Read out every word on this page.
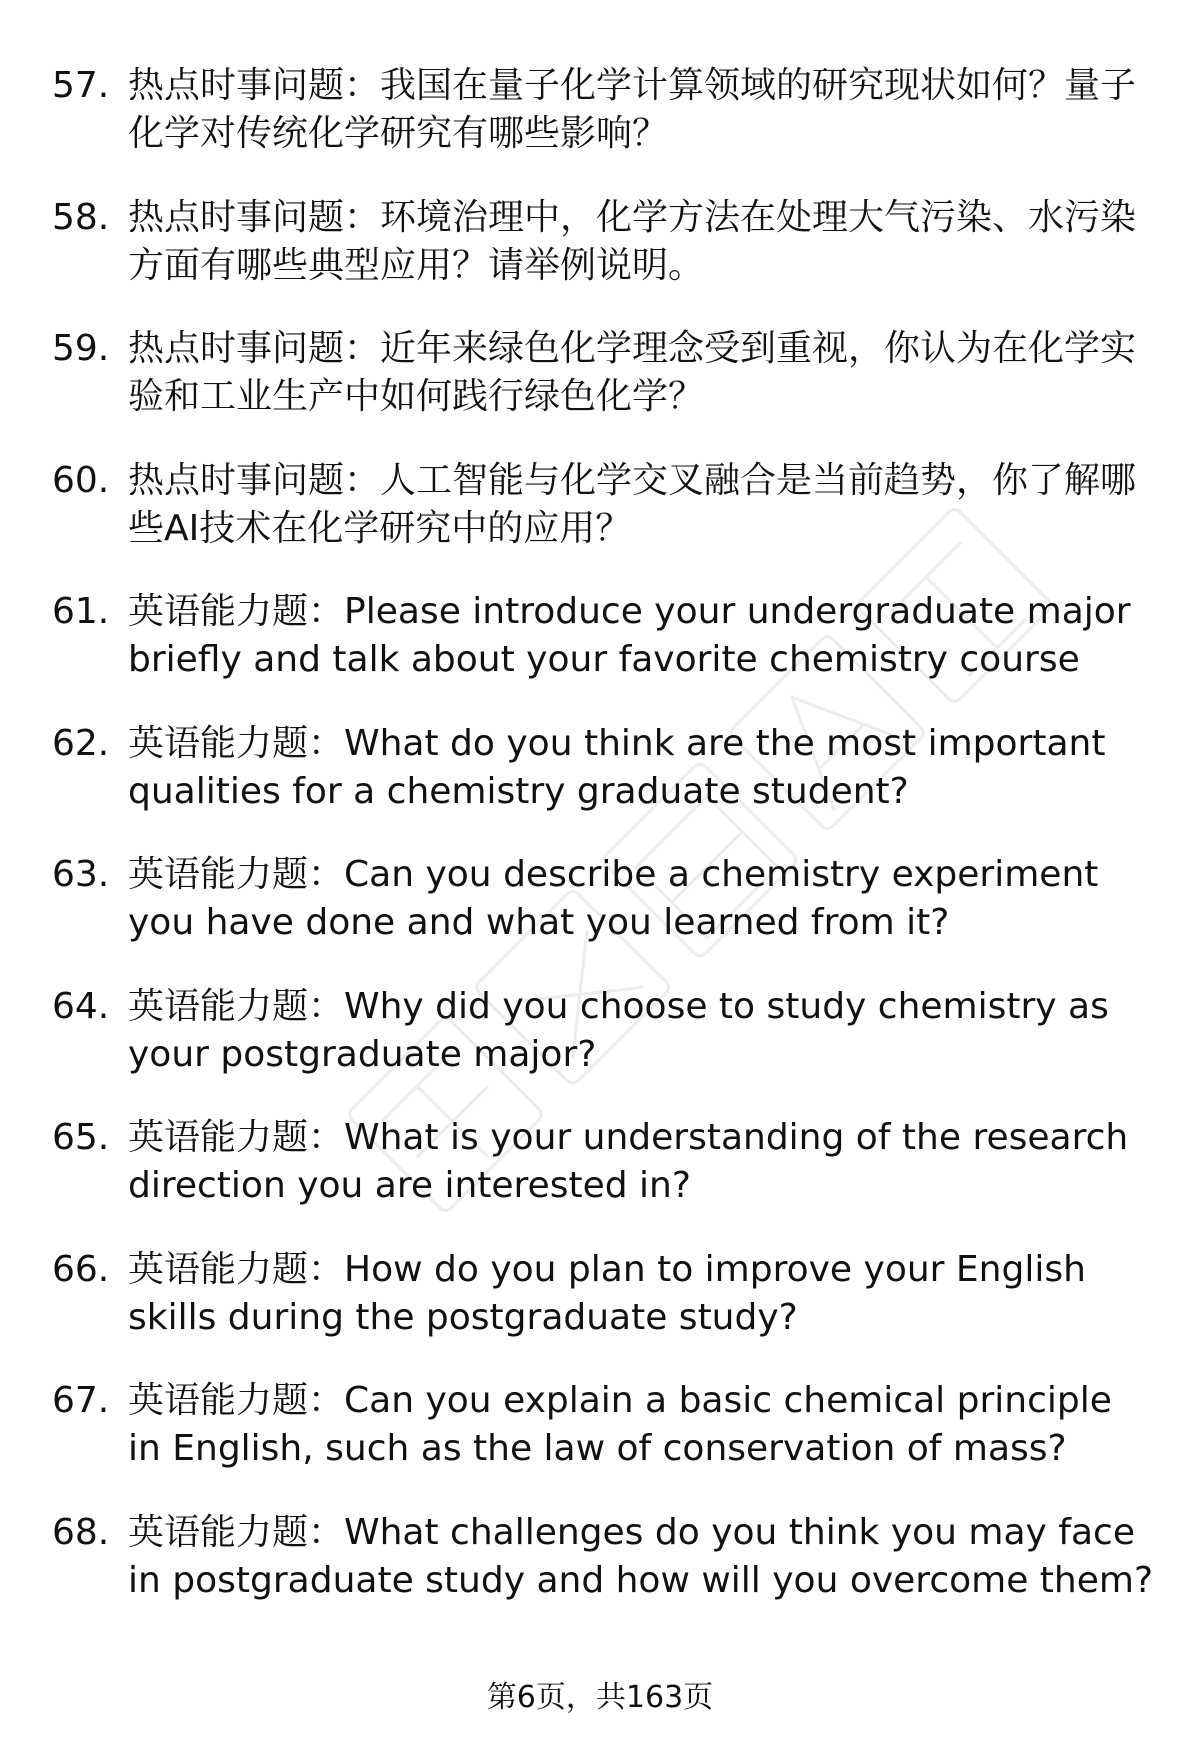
57. 热点时事问题：我国在量子化学计算领域的研究现状如何？量子化学对传统化学研究有哪些影响？

58. 热点时事问题：环境治理中，化学方法在处理大气污染、水污染方面有哪些典型应用？请举例说明。

59. 热点时事问题：近年来绿色化学理念受到重视，你认为在化学实验和工业生产中如何践行绿色化学？

60. 热点时事问题：人工智能与化学交叉融合是当前趋势，你了解哪些AI技术在化学研究中的应用？

61. 英语能力题：Please introduce your undergraduate major briefly and talk about your favorite chemistry course

62. 英语能力题：What do you think are the most important qualities for a chemistry graduate student?

63. 英语能力题：Can you describe a chemistry experiment you have done and what you learned from it?

64. 英语能力题：Why did you choose to study chemistry as your postgraduate major?

65. 英语能力题：What is your understanding of the research direction you are interested in?

66. 英语能力题：How do you plan to improve your English skills during the postgraduate study?

67. 英语能力题：Can you explain a basic chemical principle in English, such as the law of conservation of mass?

68. 英语能力题：What challenges do you think you may face in postgraduate study and how will you overcome them?

第6页，共163页
